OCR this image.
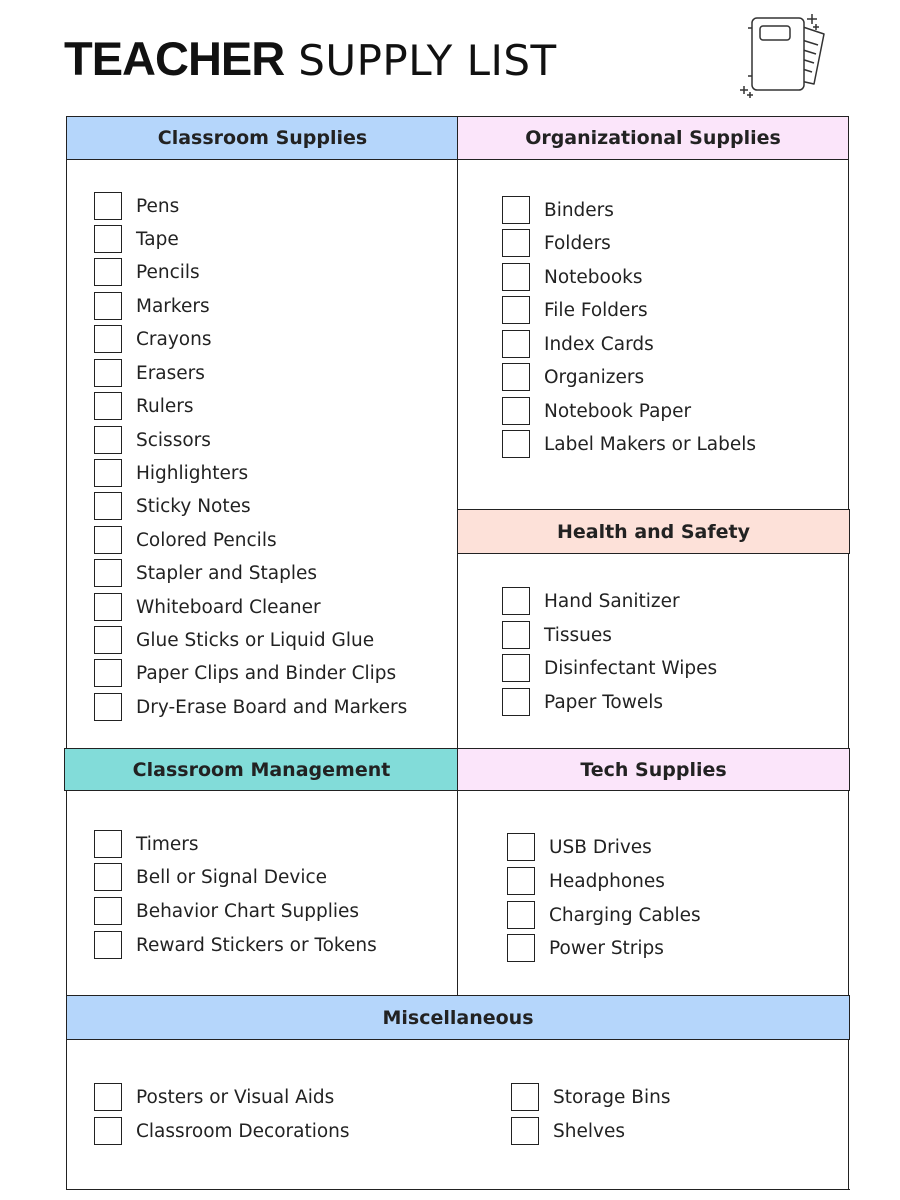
TEACHER SUPPLY LIST
Classroom Supplies	Organizational Supplies
Health and Safety
Classroom Management	Tech Supplies
Miscellaneous
Pens
Tape
Pencils
Markers
Crayons
Erasers
Rulers
Scissors
Highlighters
Sticky Notes
Colored Pencils
Stapler and Staples
Whiteboard Cleaner
Glue Sticks or Liquid Glue
Paper Clips and Binder Clips
Dry-Erase Board and Markers
Binders
Folders
Notebooks
File Folders
Index Cards
Organizers
Notebook Paper
Label Makers or Labels
Hand Sanitizer
Tissues
Disinfectant Wipes
Paper Towels
Timers
Bell or Signal Device
Behavior Chart Supplies
Reward Stickers or Tokens
USB Drives
Headphones
Charging Cables
Power Strips
Posters or Visual Aids
Classroom Decorations
Storage Bins
Shelves
